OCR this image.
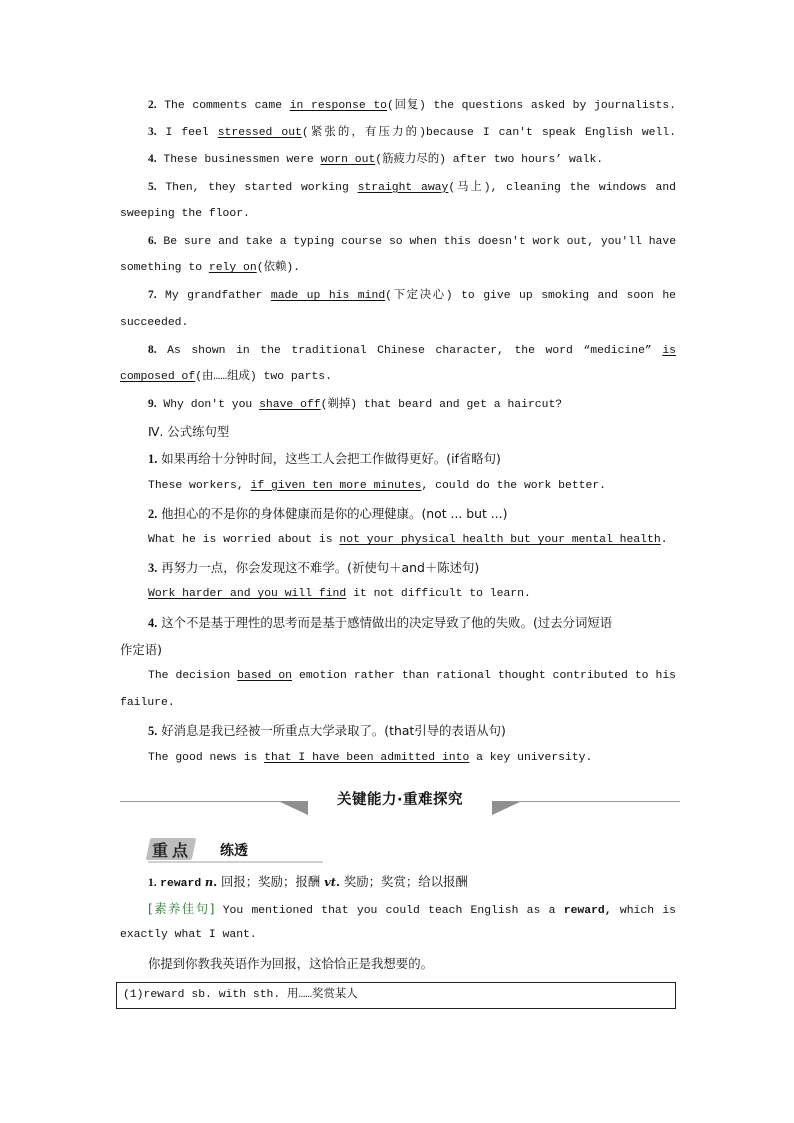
2. The comments came in response to(回复) the questions asked by journalists.
3. I feel stressed out(紧张的，有压力的)because I can't speak English well.
4. These businessmen were worn out(筋疲力尽的) after two hours’ walk.
5. Then, they started working straight away(马上), cleaning the windows and
sweeping the floor.
6. Be sure and take a typing course so when this doesn't work out, you'll have
something to rely on(依赖).
7. My grandfather made up his mind(下定决心) to give up smoking and soon he
succeeded.
8. As shown in the traditional Chinese character, the word “medicine” is
composed of(由……组成) two parts.
9. Why don't you shave off(剃掉) that beard and get a haircut?
Ⅳ. 公式练句型
1. 如果再给十分钟时间，这些工人会把工作做得更好。(if省略句)
These workers, if given ten more minutes, could do the work better.
2. 他担心的不是你的身体健康而是你的心理健康。(not ... but ...)
What he is worried about is not your physical health but your mental health.
3. 再努力一点，你会发现这不难学。(祈使句＋and＋陈述句)
Work harder and you will find it not difficult to learn.
4. 这个不是基于理性的思考而是基于感情做出的决定导致了他的失败。(过去分词短语
作定语)
The decision based on emotion rather than rational thought contributed to his
failure.
5. 好消息是我已经被一所重点大学录取了。(that引导的表语从句)
The good news is that I have been admitted into a key university.
关键能力·重难探究
重点 练透
1. reward n. 回报；奖励；报酬 vt. 奖励；奖赏；给以报酬
[素养佳句] You mentioned that you could teach English as a reward, which is
exactly what I want.
你提到你教我英语作为回报，这恰恰正是我想要的。
(1)reward sb. with sth. 用……奖赏某人
